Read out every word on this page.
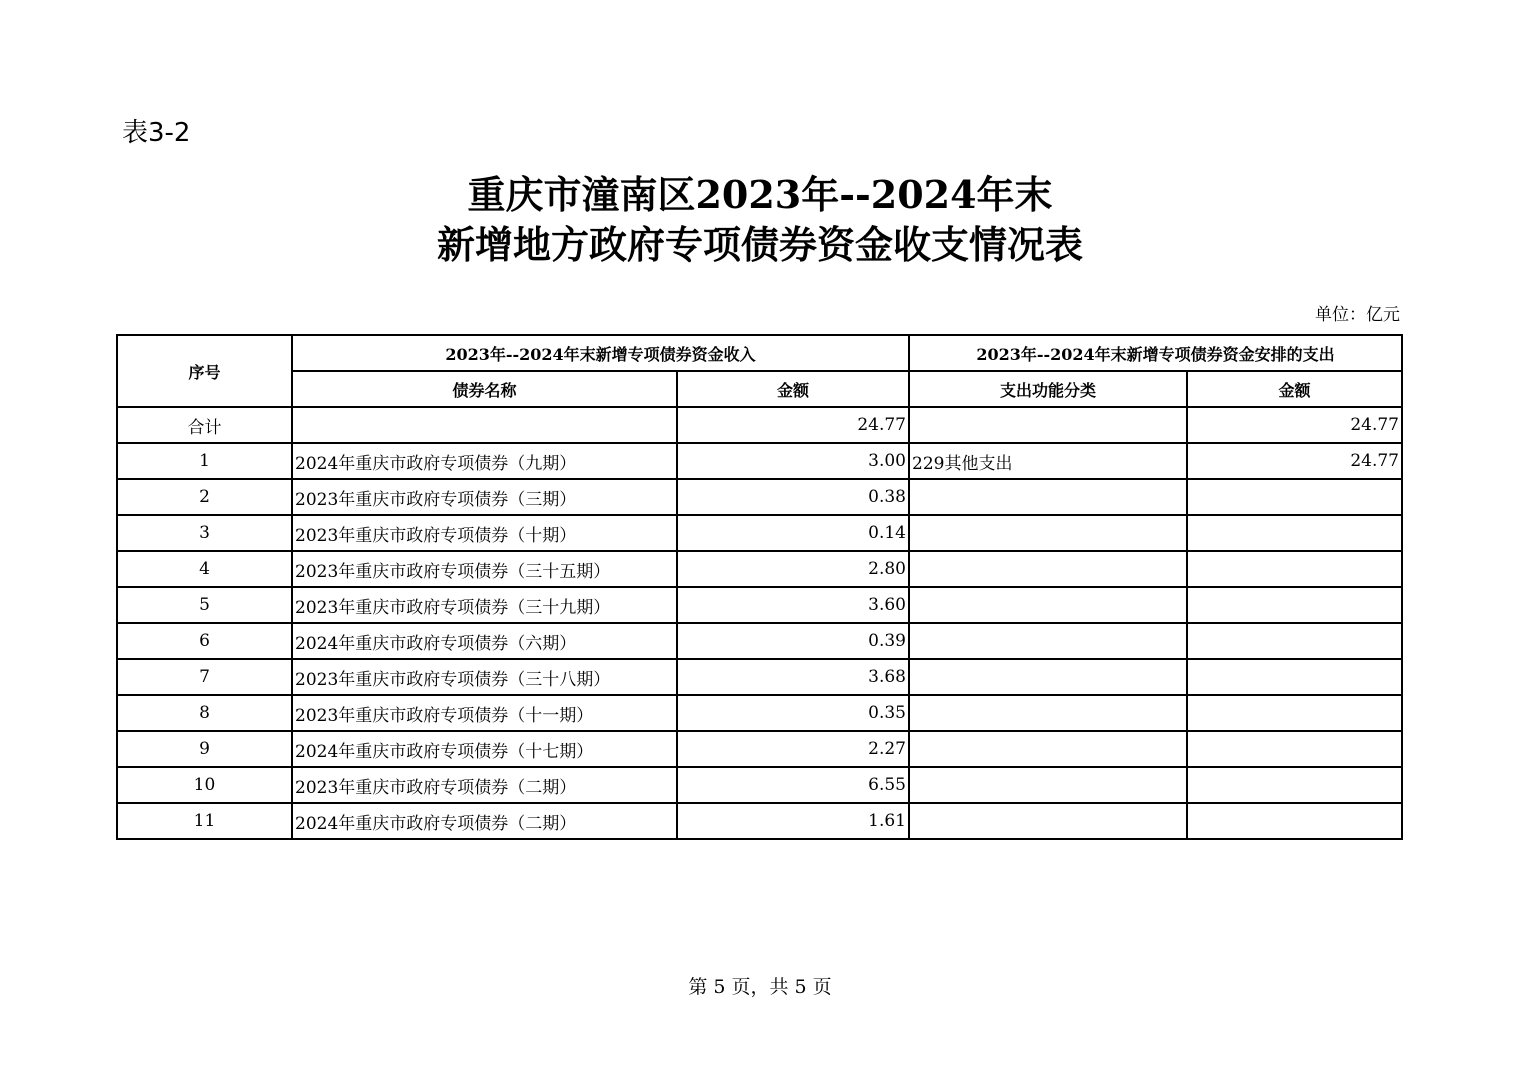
表3-2
重庆市潼南区2023年--2024年末
新增地方政府专项债券资金收支情况表
单位：亿元
序号	2023年--2024年末新增专项债券资金收入		2023年--2024年末新增专项债券资金安排的支出	
	债券名称	金额	支出功能分类	金额
合计		24.77		24.77
1	2024年重庆市政府专项债券（九期）	3.00	229其他支出	24.77
2	2023年重庆市政府专项债券（三期）	0.38		
3	2023年重庆市政府专项债券（十期）	0.14		
4	2023年重庆市政府专项债券（三十五期）	2.80		
5	2023年重庆市政府专项债券（三十九期）	3.60		
6	2024年重庆市政府专项债券（六期）	0.39		
7	2023年重庆市政府专项债券（三十八期）	3.68		
8	2023年重庆市政府专项债券（十一期）	0.35		
9	2024年重庆市政府专项债券（十七期）	2.27		
10	2023年重庆市政府专项债券（二期）	6.55		
11	2024年重庆市政府专项债券（二期）	1.61		
第 5 页，共 5 页
